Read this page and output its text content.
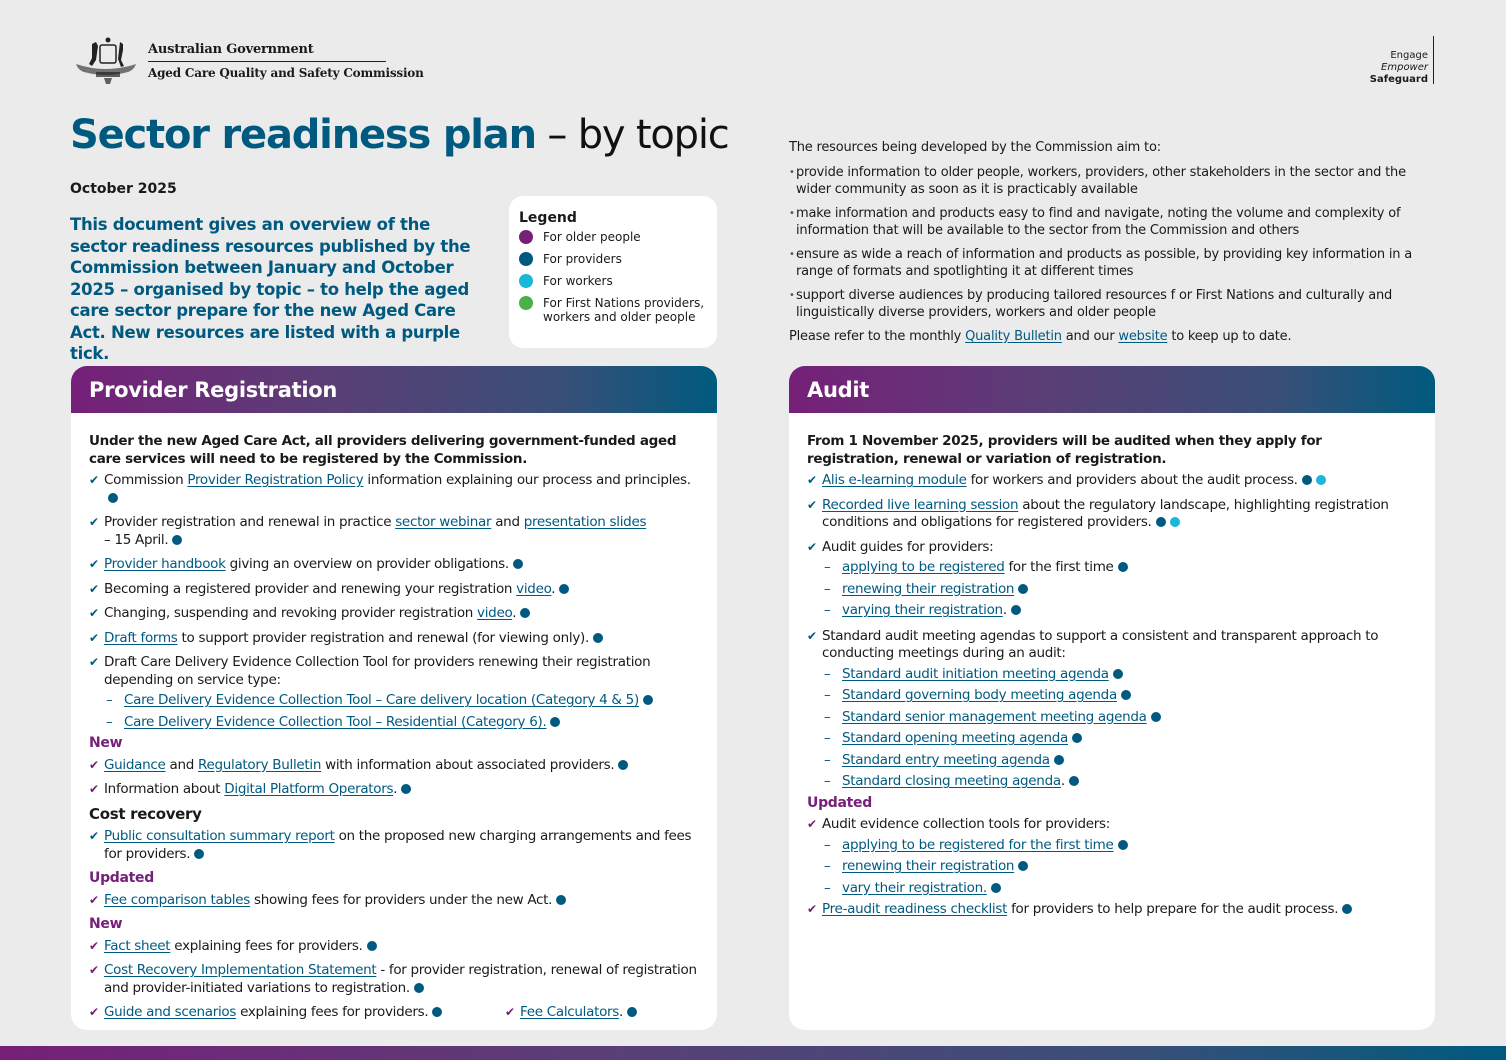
Australian Government
Aged Care Quality and Safety Commission
Engage
Empower
Safeguard
Sector readiness plan – by topic
October 2025
This document gives an overview of the sector readiness resources published by the Commission between January and October 2025 – organised by topic – to help the aged care sector prepare for the new Aged Care Act. New resources are listed with a purple tick.
Legend
For older people
For providers
For workers
For First Nations providers, workers and older people
The resources being developed by the Commission aim to:
• provide information to older people, workers, providers, other stakeholders in the sector and the wider community as soon as it is practicably available
• make information and products easy to find and navigate, noting the volume and complexity of information that will be available to the sector from the Commission and others
• ensure as wide a reach of information and products as possible, by providing key information in a range of formats and spotlighting it at different times
• support diverse audiences by producing tailored resources f or First Nations and culturally and linguistically diverse providers, workers and older people
Please refer to the monthly Quality Bulletin and our website to keep up to date.
Provider Registration
Under the new Aged Care Act, all providers delivering government-funded aged care services will need to be registered by the Commission.
✔ Commission Provider Registration Policy information explaining our process and principles.
✔ Provider registration and renewal in practice sector webinar and presentation slides
– 15 April.
✔ Provider handbook giving an overview on provider obligations.
✔ Becoming a registered provider and renewing your registration video.
✔ Changing, suspending and revoking provider registration video.
✔ Draft forms to support provider registration and renewal (for viewing only).
✔ Draft Care Delivery Evidence Collection Tool for providers renewing their registration depending on service type:
– Care Delivery Evidence Collection Tool – Care delivery location (Category 4 & 5)
– Care Delivery Evidence Collection Tool – Residential (Category 6).
New
✔ Guidance and Regulatory Bulletin with information about associated providers.
✔ Information about Digital Platform Operators.
Cost recovery
✔ Public consultation summary report on the proposed new charging arrangements and fees for providers.
Updated
✔ Fee comparison tables showing fees for providers under the new Act.
New
✔ Fact sheet explaining fees for providers.
✔ Cost Recovery Implementation Statement - for provider registration, renewal of registration and provider-initiated variations to registration.
✔ Guide and scenarios explaining fees for providers.	✔ Fee Calculators.
Audit
From 1 November 2025, providers will be audited when they apply for registration, renewal or variation of registration.
✔ Alis e-learning module for workers and providers about the audit process.
✔ Recorded live learning session about the regulatory landscape, highlighting registration conditions and obligations for registered providers.
✔ Audit guides for providers:
– applying to be registered for the first time
– renewing their registration
– varying their registration.
✔ Standard audit meeting agendas to support a consistent and transparent approach to conducting meetings during an audit:
– Standard audit initiation meeting agenda
– Standard governing body meeting agenda
– Standard senior management meeting agenda
– Standard opening meeting agenda
– Standard entry meeting agenda
– Standard closing meeting agenda.
Updated
✔ Audit evidence collection tools for providers:
– applying to be registered for the first time
– renewing their registration
– vary their registration.
✔ Pre-audit readiness checklist for providers to help prepare for the audit process.
